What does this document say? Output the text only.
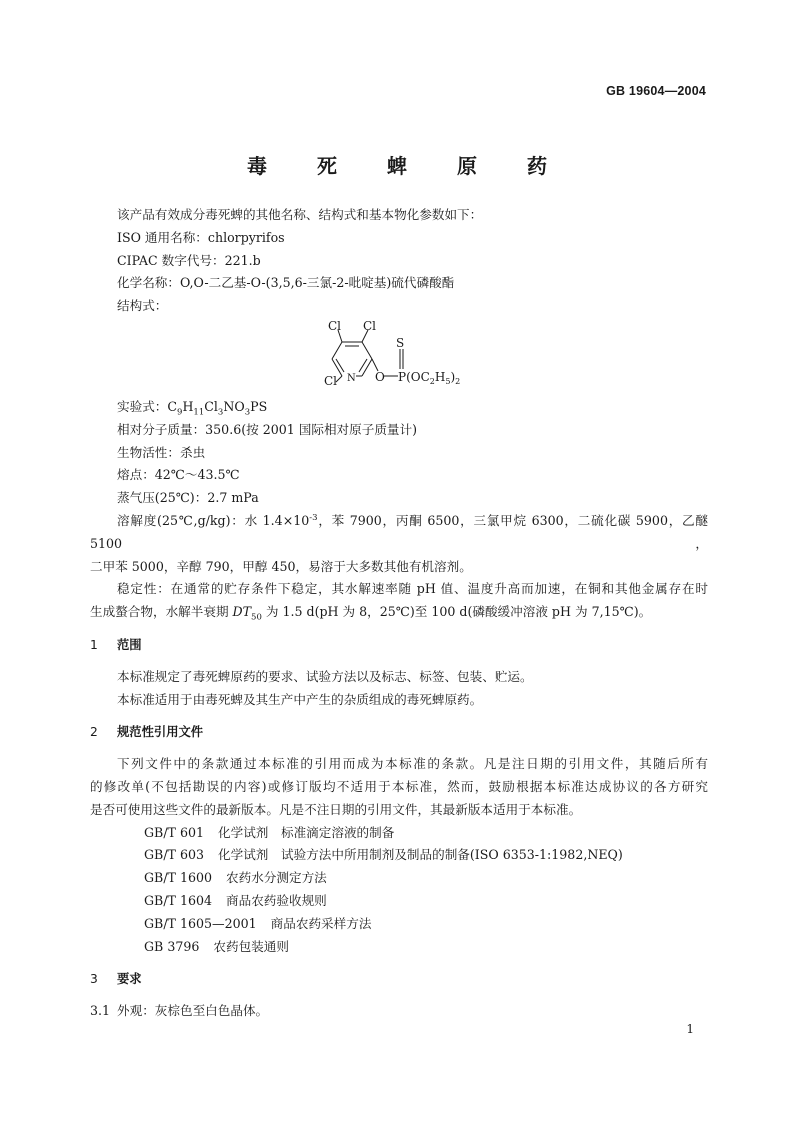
GB 19604—2004
毒	死	蜱	原	药

该产品有效成分毒死蜱的其他名称、结构式和基本物化参数如下：

ISO 通用名称：chlorpyrifos

CIPAC 数字代号：221.b

化学名称：O,O-二乙基-O-(3,5,6-三氯-2-吡啶基)硫代磷酸酯

结构式：

Cl Cl
Cl N O
S
$P(OC_2H_5)_2$

实验式：$C_9H_{11}Cl_3NO_3PS$

相对分子质量：350.6(按 2001 国际相对原子质量计)

生物活性：杀虫

熔点：42℃～43.5℃

蒸气压(25℃)：2.7 mPa

溶解度(25℃,g/kg)：水 $1.4\times 10^{-3}$，苯 7900，丙酮 6500，三氯甲烷 6300，二硫化碳 5900，乙醚 5100，

二甲苯 5000，辛醇 790，甲醇 450，易溶于大多数其他有机溶剂。

稳定性：在通常的贮存条件下稳定，其水解速率随 pH 值、温度升高而加速，在铜和其他金属存在时

生成螯合物，水解半衰期 $DT_{50}$ 为 1.5 d(pH 为 8，25℃)至 100 d(磷酸缓冲溶液 pH 为 7,15℃)。

1 范围

本标准规定了毒死蜱原药的要求、试验方法以及标志、标签、包装、贮运。

本标准适用于由毒死蜱及其生产中产生的杂质组成的毒死蜱原药。

2 规范性引用文件

下列文件中的条款通过本标准的引用而成为本标准的条款。凡是注日期的引用文件，其随后所有

的修改单(不包括勘误的内容)或修订版均不适用于本标准，然而，鼓励根据本标准达成协议的各方研究

是否可使用这些文件的最新版本。凡是不注日期的引用文件，其最新版本适用于本标准。

GB/T 601 化学试剂　标准滴定溶液的制备

GB/T 603 化学试剂　试验方法中所用制剂及制品的制备(ISO 6353-1:1982,NEQ)

GB/T 1600 农药水分测定方法

GB/T 1604 商品农药验收规则

GB/T 1605—2001 商品农药采样方法

GB 3796 农药包装通则

3 要求

3.1 外观：灰棕色至白色晶体。

1
